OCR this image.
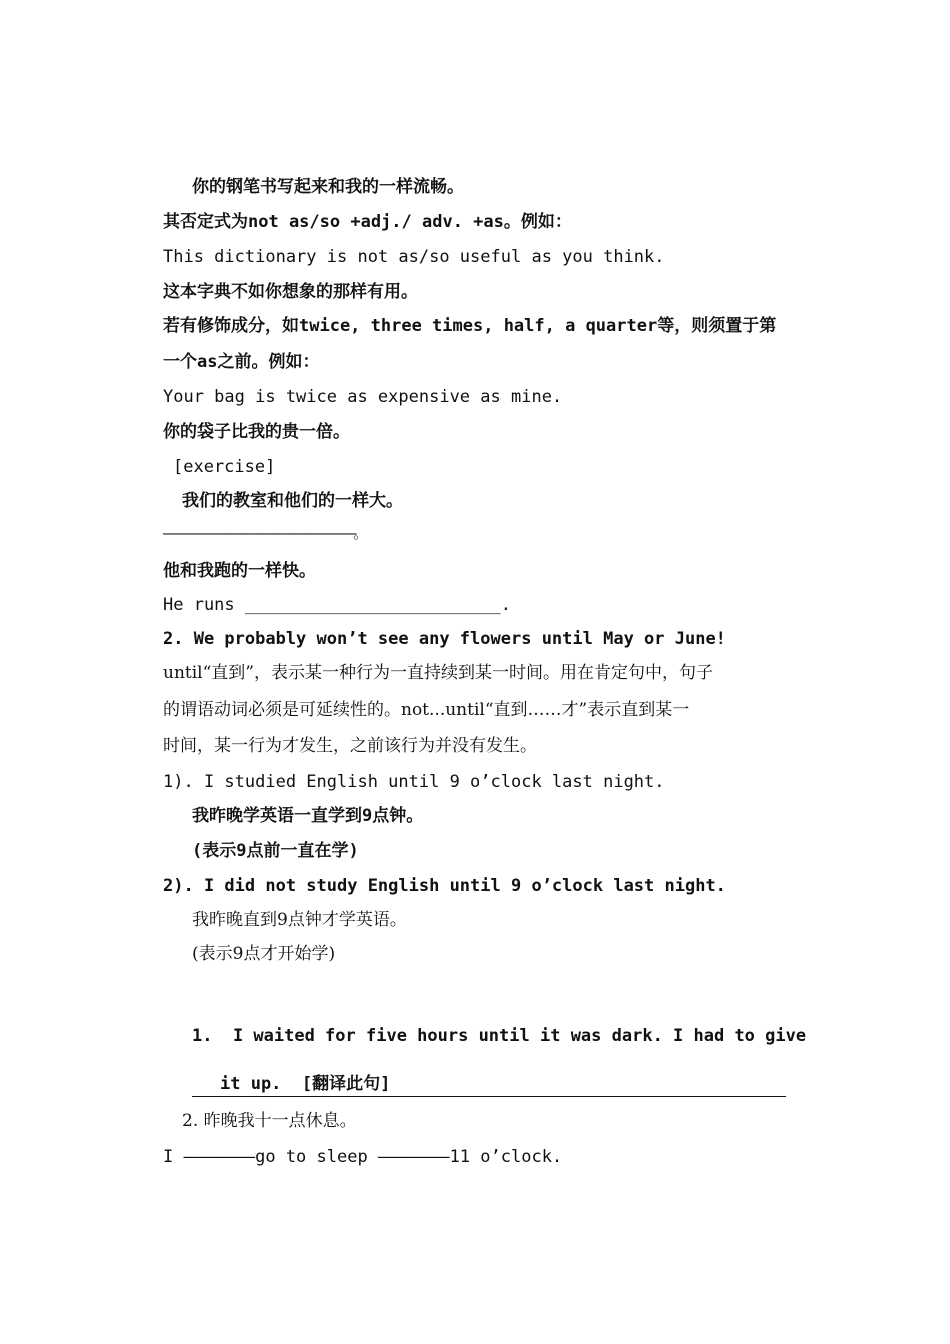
你的钢笔书写起来和我的一样流畅。
其否定式为not as/so +adj./ adv. +as。例如：
This dictionary is not as/so useful as you think.
这本字典不如你想象的那样有用。
若有修饰成分，如twice, three times, half, a quarter等，则须置于第
一个as之前。例如：
Your bag is twice as expensive as mine.
你的袋子比我的贵一倍。
[exercise]
我们的教室和他们的一样大。
———————————————————————————————————。
他和我跑的一样快。
He runs _________________________.
2. We probably won’t see any flowers until May or June!
until“直到”，表示某一种行为一直持续到某一时间。用在肯定句中，句子
的谓语动词必须是可延续性的。not...until“直到……才”表示直到某一
时间，某一行为才发生，之前该行为并没有发生。
1). I studied English until 9 o’clock last night.
我昨晚学英语一直学到9点钟。
(表示9点前一直在学)
2). I did not study English until 9 o’clock last night.
我昨晚直到9点钟才学英语。
(表示9点才开始学)
1.  I waited for five hours until it was dark. I had to give
it up.  [翻译此句]
2. 昨晚我十一点休息。
I ———————go to sleep ———————11 o’clock.
